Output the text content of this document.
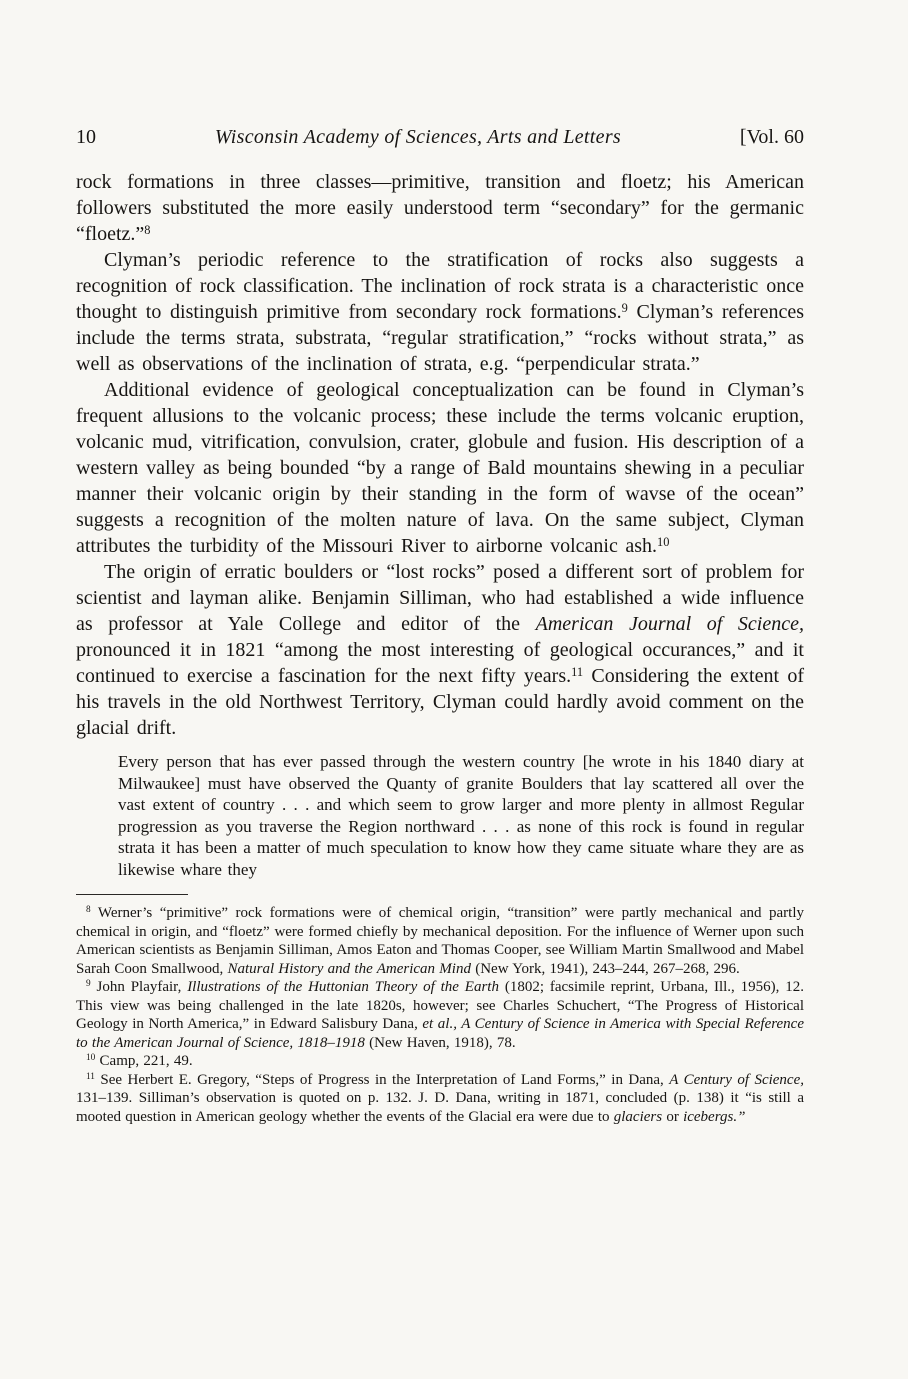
10	Wisconsin Academy of Sciences, Arts and Letters	[Vol. 60

rock formations in three classes—primitive, transition and floetz; his American followers substituted the more easily understood term “secondary” for the germanic “floetz.”$^8$

Clyman’s periodic reference to the stratification of rocks also suggests a recognition of rock classification. The inclination of rock strata is a characteristic once thought to distinguish primitive from secondary rock formations.$^9$ Clyman’s references include the terms strata, substrata, “regular stratification,” “rocks without strata,” as well as observations of the inclination of strata, e.g. “perpendicular strata.”

Additional evidence of geological conceptualization can be found in Clyman’s frequent allusions to the volcanic process; these include the terms volcanic eruption, volcanic mud, vitrification, convulsion, crater, globule and fusion. His description of a western valley as being bounded “by a range of Bald mountains shewing in a peculiar manner their volcanic origin by their standing in the form of wavse of the ocean” suggests a recognition of the molten nature of lava. On the same subject, Clyman attributes the turbidity of the Missouri River to airborne volcanic ash.$^{10}$

The origin of erratic boulders or “lost rocks” posed a different sort of problem for scientist and layman alike. Benjamin Silliman, who had established a wide influence as professor at Yale College and editor of the American Journal of Science, pronounced it in 1821 “among the most interesting of geological occurances,” and it continued to exercise a fascination for the next fifty years.$^{11}$ Considering the extent of his travels in the old Northwest Territory, Clyman could hardly avoid comment on the glacial drift.

Every person that has ever passed through the western country [he wrote in his 1840 diary at Milwaukee] must have observed the Quanty of granite Boulders that lay scattered all over the vast extent of country . . . and which seem to grow larger and more plenty in allmost Regular progression as you traverse the Region northward . . . as none of this rock is found in regular strata it has been a matter of much speculation to know how they came situate whare they are as likewise whare they

$^8$ Werner’s “primitive” rock formations were of chemical origin, “transition” were partly mechanical and partly chemical in origin, and “floetz” were formed chiefly by mechanical deposition. For the influence of Werner upon such American scientists as Benjamin Silliman, Amos Eaton and Thomas Cooper, see William Martin Smallwood and Mabel Sarah Coon Smallwood, Natural History and the American Mind (New York, 1941), 243–244, 267–268, 296.

$^9$ John Playfair, Illustrations of the Huttonian Theory of the Earth (1802; facsimile reprint, Urbana, Ill., 1956), 12. This view was being challenged in the late 1820s, however; see Charles Schuchert, “The Progress of Historical Geology in North America,” in Edward Salisbury Dana, et al., A Century of Science in America with Special Reference to the American Journal of Science, 1818–1918 (New Haven, 1918), 78.

$^{10}$ Camp, 221, 49.

$^{11}$ See Herbert E. Gregory, “Steps of Progress in the Interpretation of Land Forms,” in Dana, A Century of Science, 131–139. Silliman’s observation is quoted on p. 132. J. D. Dana, writing in 1871, concluded (p. 138) it “is still a mooted question in American geology whether the events of the Glacial era were due to glaciers or icebergs.”
